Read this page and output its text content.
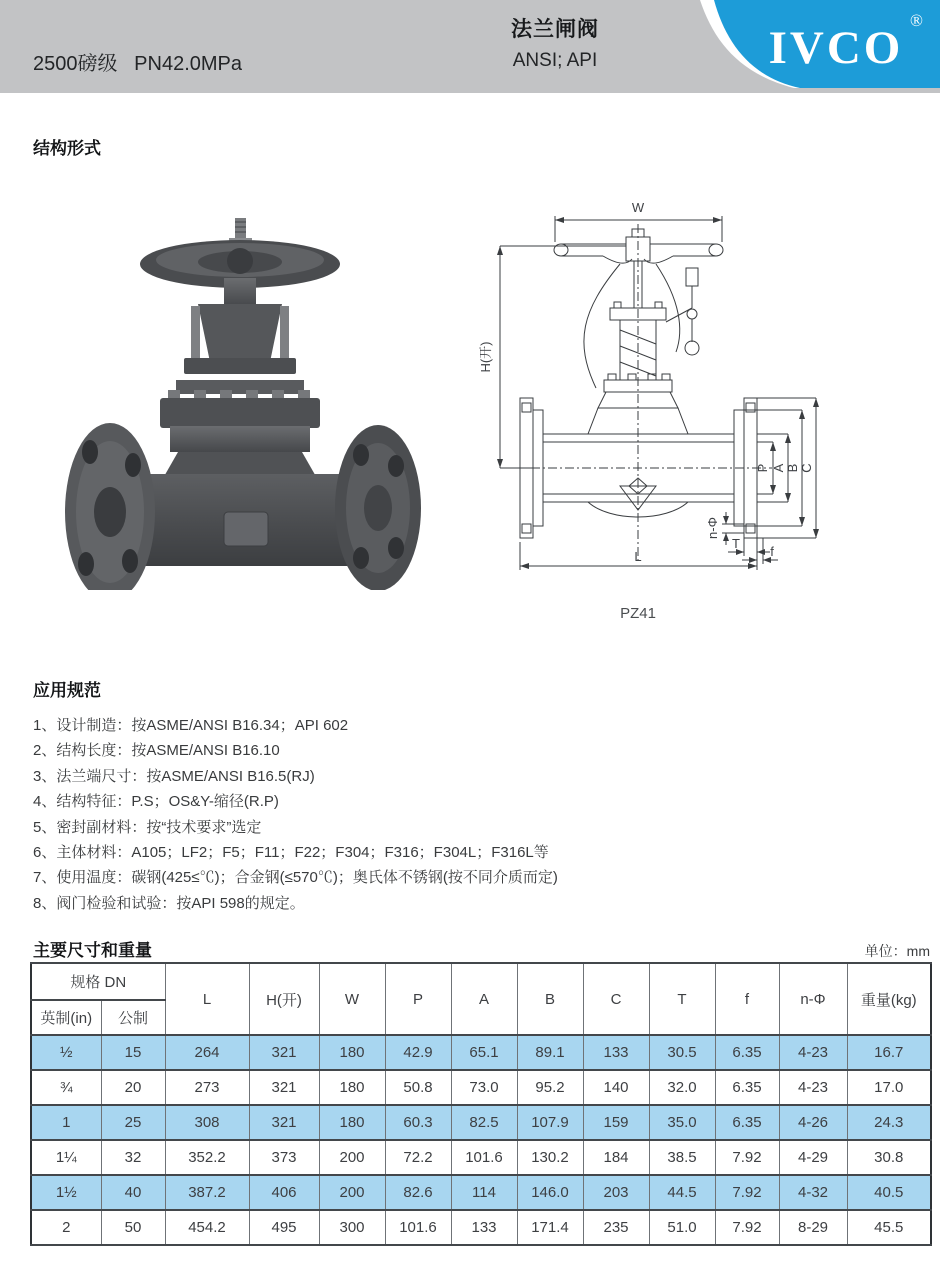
2500磅级   PN42.0MPa
法兰闸阀
ANSI; API	IVCO
®
结构形式
W
H(开)
P A B C
n-Φ
T
f
L
PZ41
应用规范
1、设计制造：按ASME/ANSI B16.34；API 602
2、结构长度：按ASME/ANSI B16.10
3、法兰端尺寸：按ASME/ANSI B16.5(RJ)
4、结构特征：P.S；OS&Y-缩径(R.P)
5、密封副材料：按“技术要求”选定
6、主体材料：A105；LF2；F5；F11；F22；F304；F316；F304L；F316L等
7、使用温度：碳钢(425≤℃)；合金钢(≤570℃)；奥氏体不锈钢(按不同介质而定)
8、阀门检验和试验：按API 598的规定。
主要尺寸和重量	单位：mm
规格 DN		L	H(开)	W	P	A	B	C	T	f	n-Φ	重量(kg)
英制(in)	公制											
½	15	264	321	180	42.9	65.1	89.1	133	30.5	6.35	4-23	16.7
¾	20	273	321	180	50.8	73.0	95.2	140	32.0	6.35	4-23	17.0
1	25	308	321	180	60.3	82.5	107.9	159	35.0	6.35	4-26	24.3
1¼	32	352.2	373	200	72.2	101.6	130.2	184	38.5	7.92	4-29	30.8
1½	40	387.2	406	200	82.6	114	146.0	203	44.5	7.92	4-32	40.5
2	50	454.2	495	300	101.6	133	171.4	235	51.0	7.92	8-29	45.5
